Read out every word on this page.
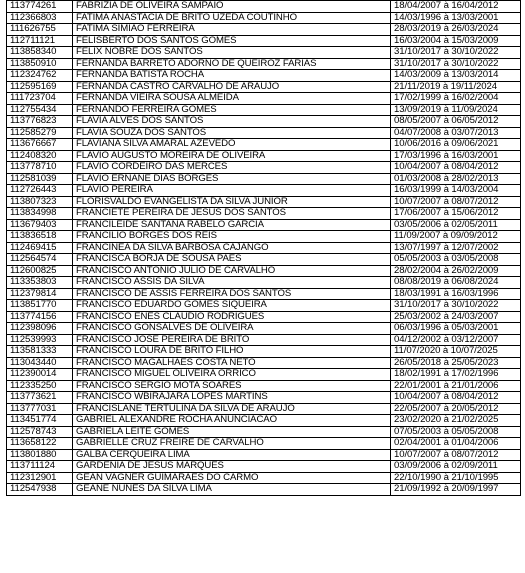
113774261	FABRIZIA DE OLIVEIRA SAMPAIO	18/04/2007 à 16/04/2012
112366803	FATIMA ANASTACIA DE BRITO UZEDA COUTINHO	14/03/1996 à 13/03/2001
111626755	FATIMA SIMIAO FERREIRA	28/03/2019 à 26/03/2024
112711121	FELISBERTO DOS SANTOS GOMES	16/03/2004 à 15/03/2009
113858340	FELIX NOBRE DOS SANTOS	31/10/2017 à 30/10/2022
113850910	FERNANDA BARRETO ADORNO DE QUEIROZ FARIAS	31/10/2017 à 30/10/2022
112324762	FERNANDA BATISTA ROCHA	14/03/2009 à 13/03/2014
112595169	FERNANDA CASTRO CARVALHO DE ARAUJO	21/11/2019 à 19/11/2024
111723704	FERNANDA VIEIRA SOUSA ALMEIDA	17/02/1999 à 16/02/2004
112755434	FERNANDO FERREIRA GOMES	13/09/2019 à 11/09/2024
113776823	FLAVIA ALVES DOS SANTOS	08/05/2007 à 06/05/2012
112585279	FLAVIA SOUZA DOS SANTOS	04/07/2008 à 03/07/2013
113676667	FLAVIANA SILVA AMARAL AZEVEDO	10/06/2016 à 09/06/2021
112408320	FLAVIO AUGUSTO MOREIRA DE OLIVEIRA	17/03/1996 à 16/03/2001
113778710	FLAVIO CORDEIRO DAS MERCES	10/04/2007 à 08/04/2012
112581039	FLAVIO ERNANE DIAS BORGES	01/03/2008 à 28/02/2013
112726443	FLAVIO PEREIRA	16/03/1999 à 14/03/2004
113807323	FLORISVALDO EVANGELISTA DA SILVA JUNIOR	10/07/2007 à 08/07/2012
113834998	FRANCIETE PEREIRA DE JESUS DOS SANTOS	17/06/2007 à 15/06/2012
113679403	FRANCILEIDE SANTANA RABELO GARCIA	03/05/2006 à 02/05/2011
113836518	FRANCILIO BORGES DOS REIS	11/09/2007 à 09/09/2012
112469415	FRANCINEA DA SILVA BARBOSA CAJANGO	13/07/1997 à 12/07/2002
112564574	FRANCISCA BORJA DE SOUSA PAES	05/05/2003 à 03/05/2008
112600825	FRANCISCO ANTONIO JULIO DE CARVALHO	28/02/2004 à 26/02/2009
113353803	FRANCISCO ASSIS DA SILVA	08/08/2019 à 06/08/2024
112379814	FRANCISCO DE ASSIS FERREIRA DOS SANTOS	18/03/1991 à 16/03/1996
113851770	FRANCISCO EDUARDO GOMES SIQUEIRA	31/10/2017 à 30/10/2022
113774156	FRANCISCO ENES CLAUDIO RODRIGUES	25/03/2002 à 24/03/2007
112398096	FRANCISCO GONSALVES DE OLIVEIRA	06/03/1996 à 05/03/2001
112539993	FRANCISCO JOSE PEREIRA DE BRITO	04/12/2002 à 03/12/2007
113581333	FRANCISCO LOURA DE BRITO FILHO	11/07/2020 à 10/07/2025
113043440	FRANCISCO MAGALHAES COSTA NETO	26/05/2018 à 25/05/2023
112390014	FRANCISCO MIGUEL OLIVEIRA ORRICO	18/02/1991 à 17/02/1996
112335250	FRANCISCO SERGIO MOTA SOARES	22/01/2001 à 21/01/2006
113773621	FRANCISCO WBIRAJARA LOPES MARTINS	10/04/2007 à 08/04/2012
113777031	FRANCISLANE TERTULINA DA SILVA DE ARAUJO	22/05/2007 à 20/05/2012
113451774	GABRIEL ALEXANDRE ROCHA ANUNCIACAO	23/02/2020 à 21/02/2025
112578743	GABRIELA LEITE GOMES	07/05/2003 à 05/05/2008
113658122	GABRIELLE CRUZ FREIRE DE CARVALHO	02/04/2001 à 01/04/2006
113801880	GALBA CERQUEIRA LIMA	10/07/2007 à 08/07/2012
113711124	GARDENIA DE JESUS MARQUES	03/09/2006 à 02/09/2011
112312901	GEAN VAGNER GUIMARAES DO CARMO	22/10/1990 à 21/10/1995
112547938	GEANE NUNES DA SILVA LIMA	21/09/1992 à 20/09/1997
